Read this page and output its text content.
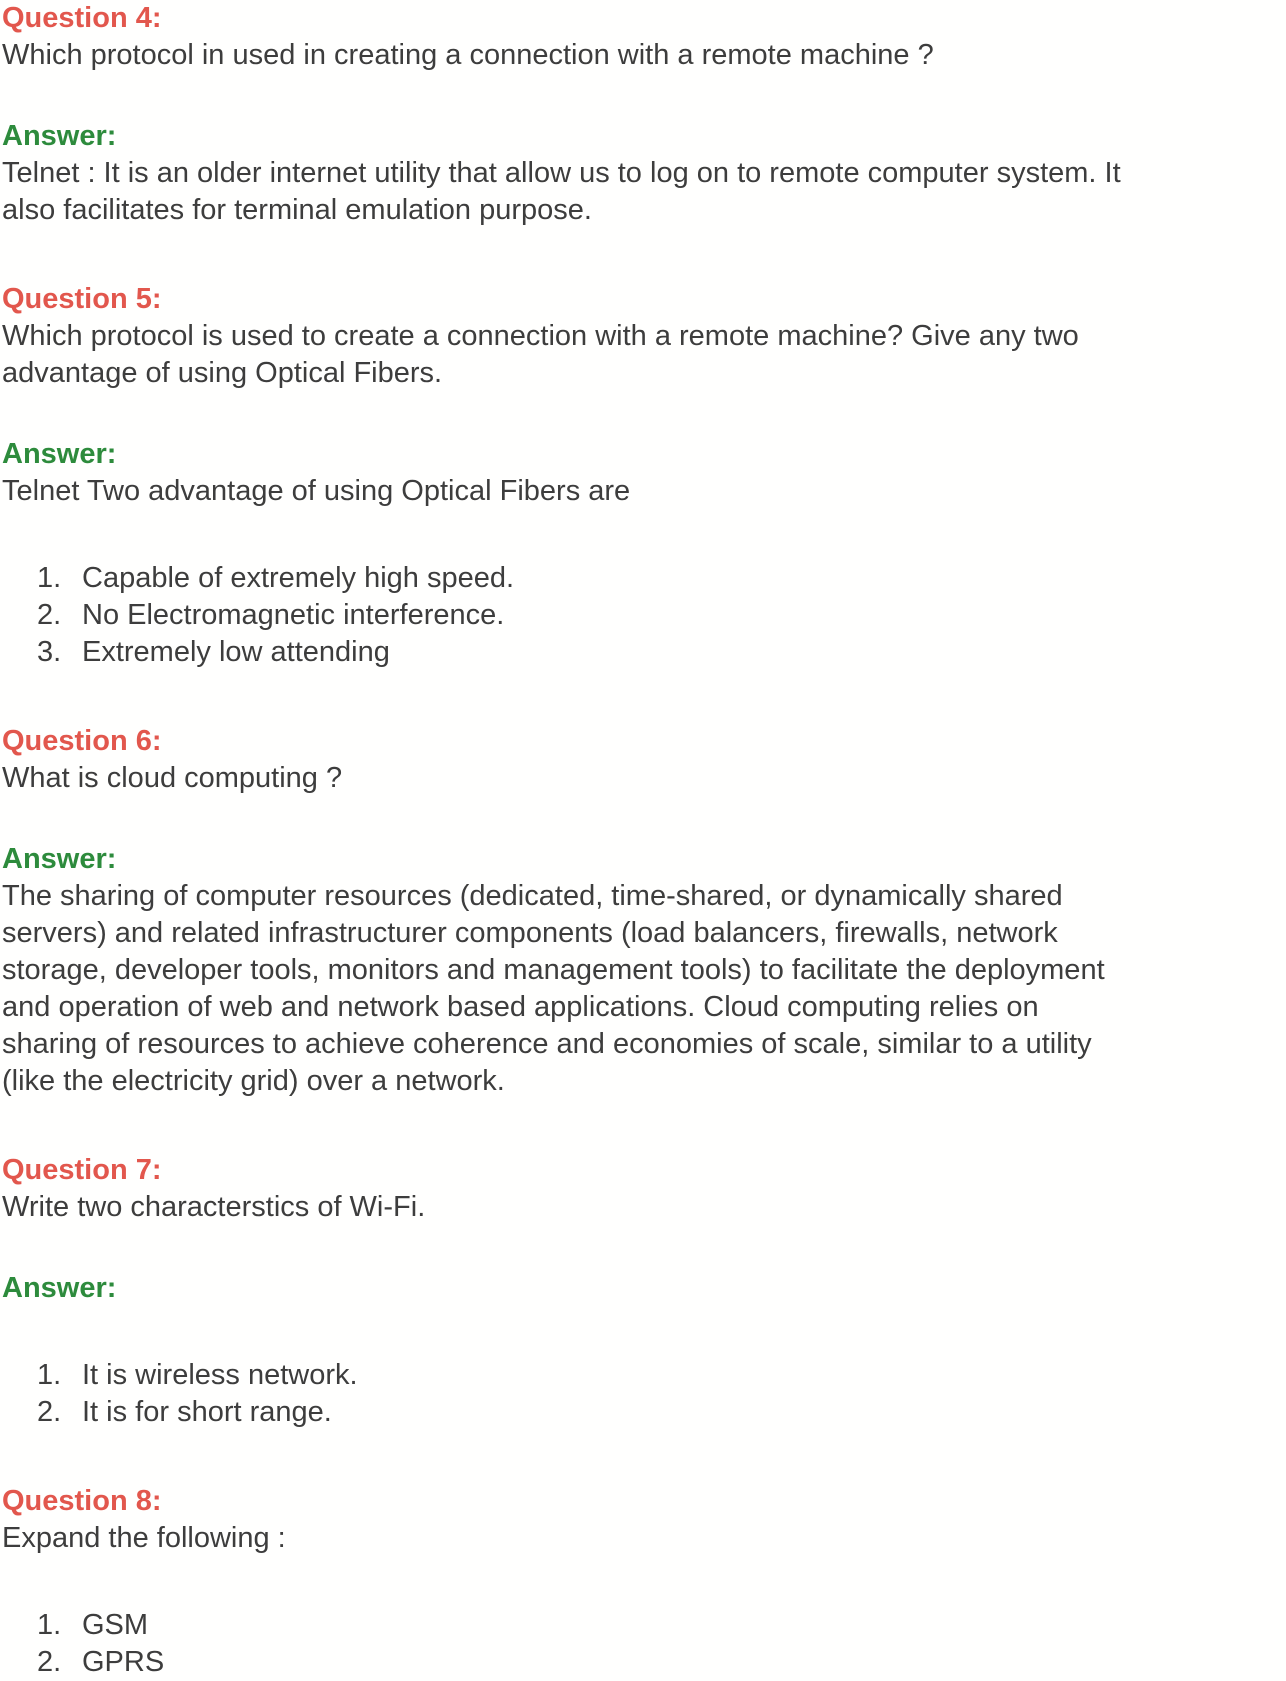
Question 4:
Which protocol in used in creating a connection with a remote machine ?
Answer:
Telnet : It is an older internet utility that allow us to log on to remote computer system. It
also facilitates for terminal emulation purpose.
Question 5:
Which protocol is used to create a connection with a remote machine? Give any two
advantage of using Optical Fibers.
Answer:
Telnet Two advantage of using Optical Fibers are
1. Capable of extremely high speed.
2. No Electromagnetic interference.
3. Extremely low attending
Question 6:
What is cloud computing ?
Answer:
The sharing of computer resources (dedicated, time-shared, or dynamically shared
servers) and related infrastructurer components (load balancers, firewalls, network
storage, developer tools, monitors and management tools) to facilitate the deployment
and operation of web and network based applications. Cloud computing relies on
sharing of resources to achieve coherence and economies of scale, similar to a utility
(like the electricity grid) over a network.
Question 7:
Write two characterstics of Wi-Fi.
Answer:
1. It is wireless network.
2. It is for short range.
Question 8:
Expand the following :
1. GSM
2. GPRS
